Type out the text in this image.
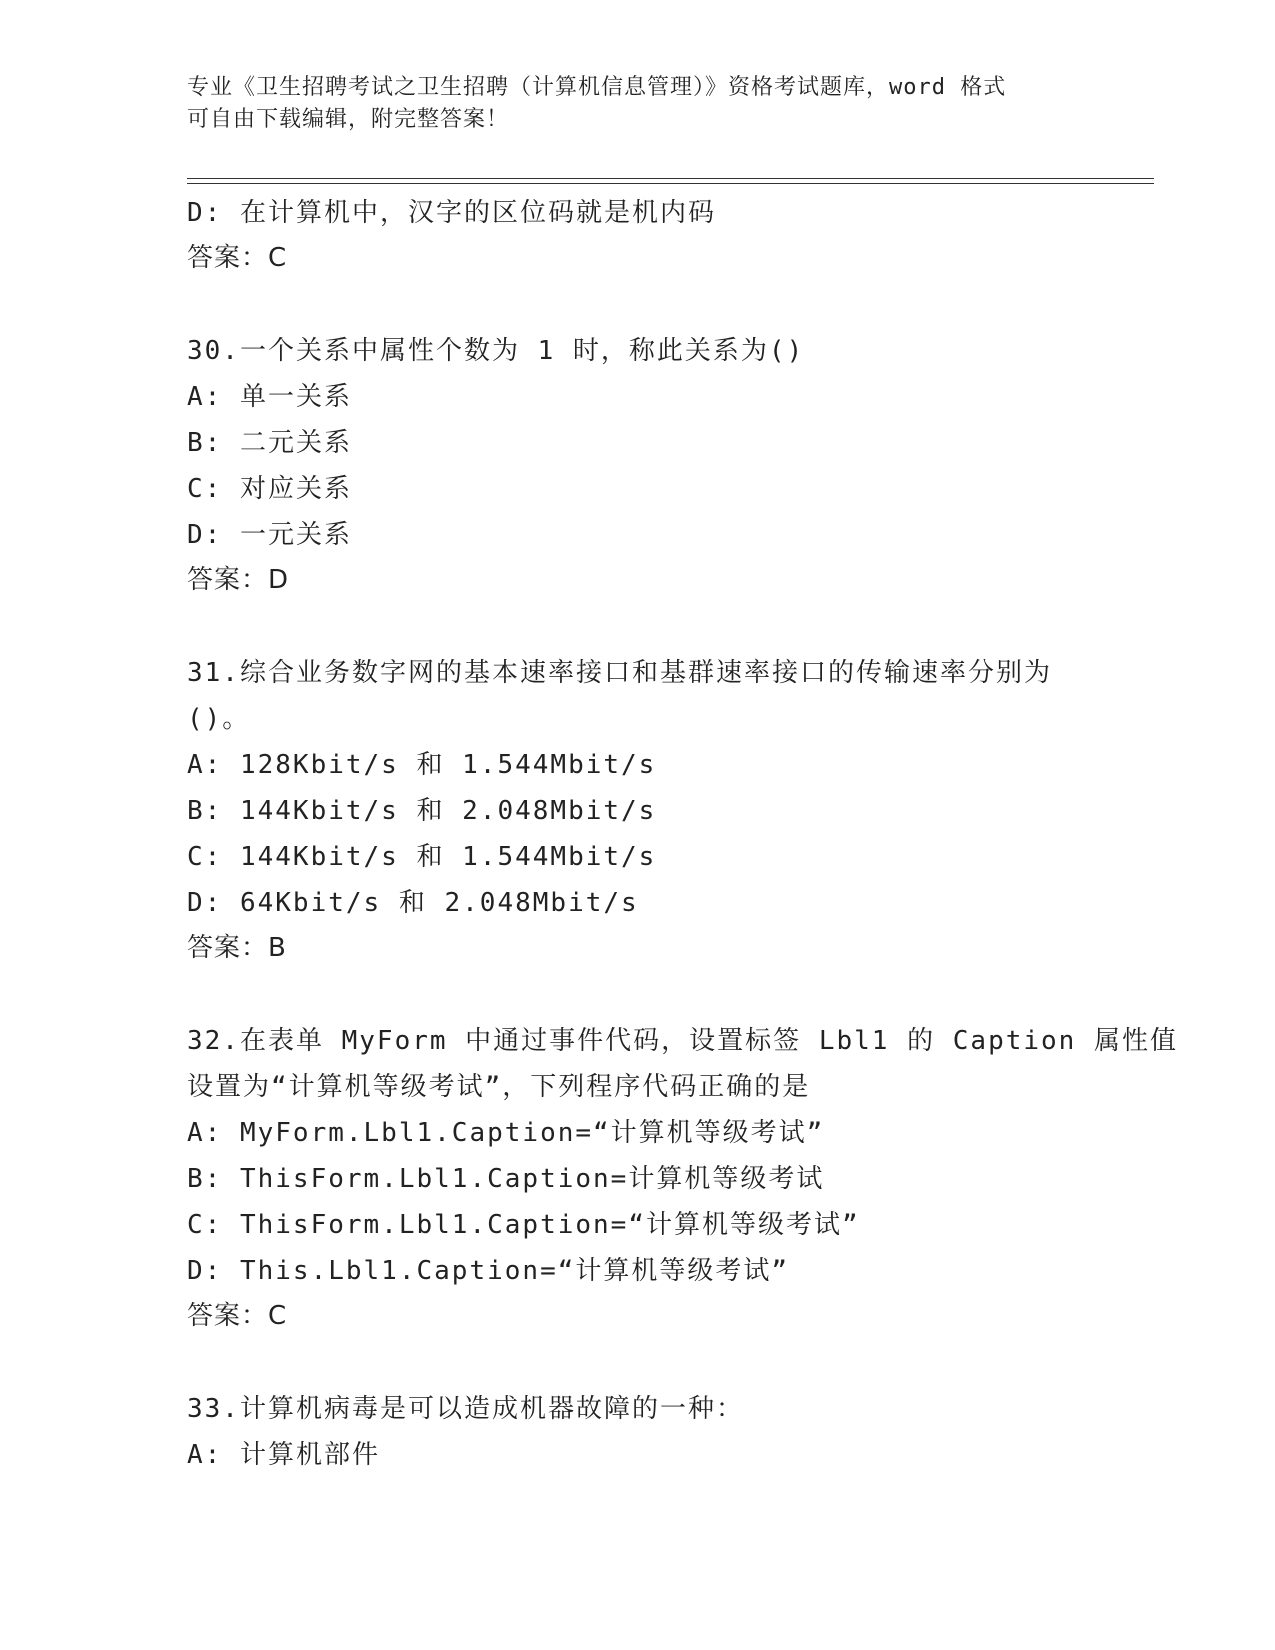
专业《卫生招聘考试之卫生招聘（计算机信息管理）》资格考试题库，word 格式
可自由下载编辑，附完整答案！
D: 在计算机中，汉字的区位码就是机内码
答案：C
30.一个关系中属性个数为 1 时，称此关系为()
A: 单一关系
B: 二元关系
C: 对应关系
D: 一元关系
答案：D
31.综合业务数字网的基本速率接口和基群速率接口的传输速率分别为
()。
A: 128Kbit/s 和 1.544Mbit/s
B: 144Kbit/s 和 2.048Mbit/s
C: 144Kbit/s 和 1.544Mbit/s
D: 64Kbit/s 和 2.048Mbit/s
答案：B
32.在表单 MyForm 中通过事件代码，设置标签 Lbl1 的 Caption 属性值
设置为“计算机等级考试”，下列程序代码正确的是
A: MyForm.Lbl1.Caption=“计算机等级考试”
B: ThisForm.Lbl1.Caption=计算机等级考试
C: ThisForm.Lbl1.Caption=“计算机等级考试”
D: This.Lbl1.Caption=“计算机等级考试”
答案：C
33.计算机病毒是可以造成机器故障的一种：
A: 计算机部件
